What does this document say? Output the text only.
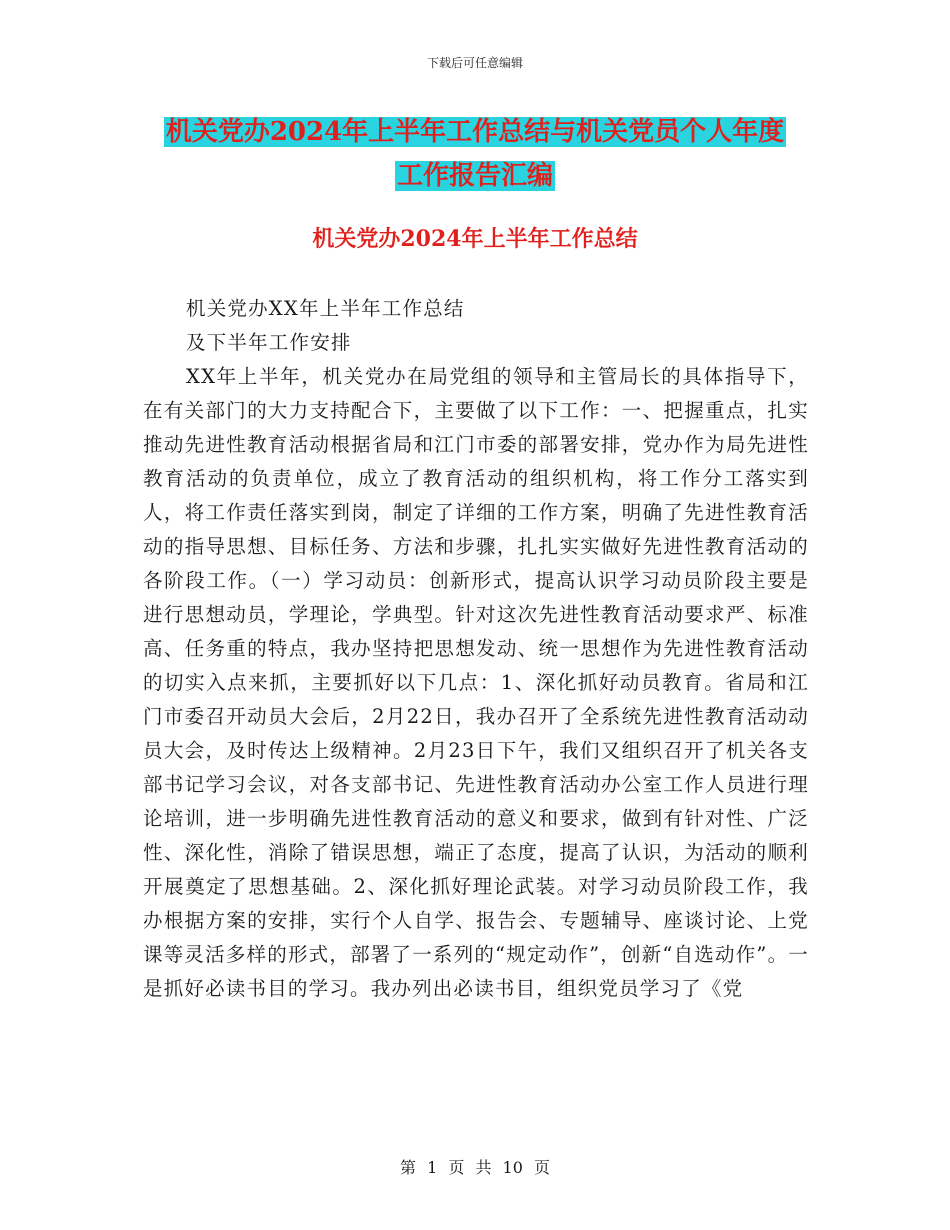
下载后可任意编辑
机关党办2024年上半年工作总结与机关党员个人年度
工作报告汇编
机关党办2024年上半年工作总结

机关党办XX年上半年工作总结

及下半年工作安排

XX年上半年，机关党办在局党组的领导和主管局长的具体指导下，在有关部门的大力支持配合下，主要做了以下工作：一、把握重点，扎实推动先进性教育活动根据省局和江门市委的部署安排，党办作为局先进性教育活动的负责单位，成立了教育活动的组织机构，将工作分工落实到人，将工作责任落实到岗，制定了详细的工作方案，明确了先进性教育活动的指导思想、目标任务、方法和步骤，扎扎实实做好先进性教育活动的各阶段工作。（一）学习动员：创新形式，提高认识学习动员阶段主要是进行思想动员，学理论，学典型。针对这次先进性教育活动要求严、标准高、任务重的特点，我办坚持把思想发动、统一思想作为先进性教育活动的切实入点来抓，主要抓好以下几点：1、深化抓好动员教育。省局和江门市委召开动员大会后，2月22日，我办召开了全系统先进性教育活动动员大会，及时传达上级精神。2月23日下午，我们又组织召开了机关各支部书记学习会议，对各支部书记、先进性教育活动办公室工作人员进行理论培训，进一步明确先进性教育活动的意义和要求，做到有针对性、广泛性、深化性，消除了错误思想，端正了态度，提高了认识，为活动的顺利开展奠定了思想基础。2、深化抓好理论武装。对学习动员阶段工作，我办根据方案的安排，实行个人自学、报告会、专题辅导、座谈讨论、上党课等灵活多样的形式，部署了一系列的“规定动作”，创新“自选动作”。一是抓好必读书目的学习。我办列出必读书目，组织党员学习了《党

第 1 页 共 10 页
